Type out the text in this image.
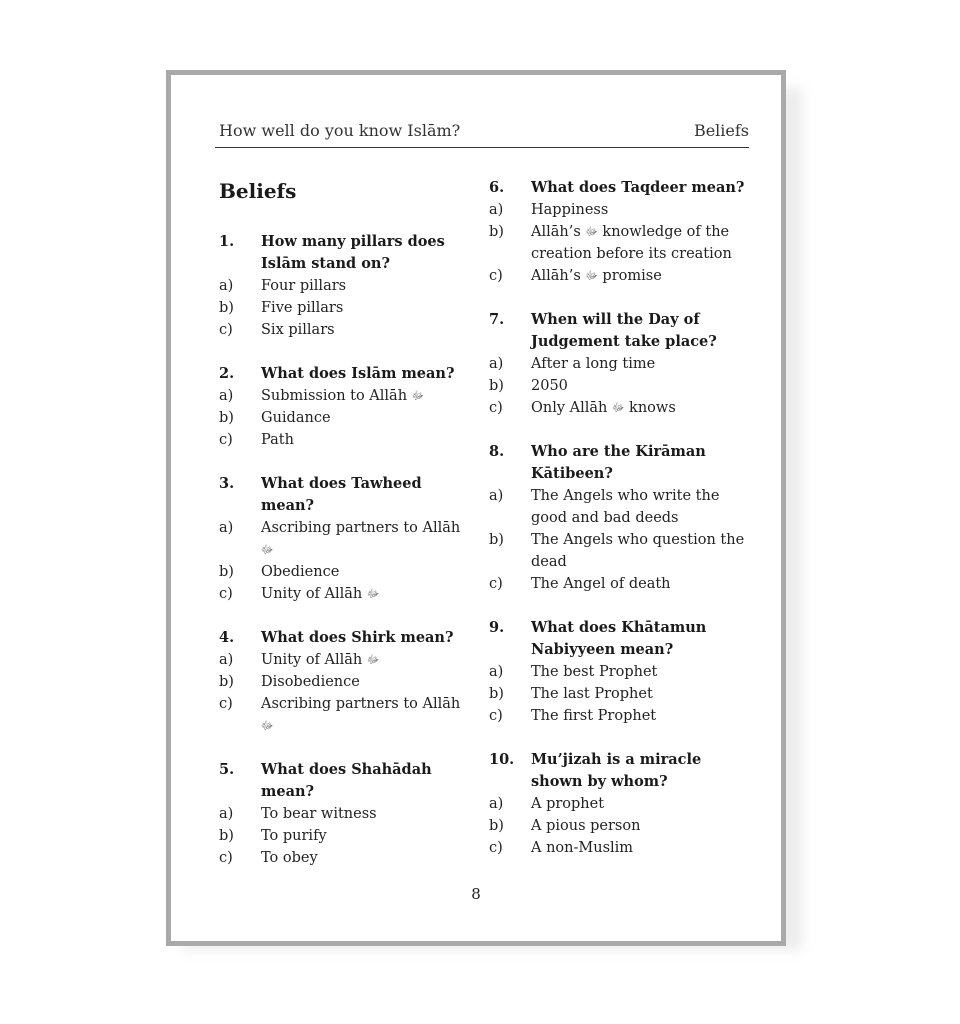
How well do you know Islām?	Beliefs
Beliefs
1.	How many pillars does Islām stand on?
a)	Four pillars
b)	Five pillars
c)	Six pillars
2.	What does Islām mean?
a)	Submission to Allāh ﷻ
b)	Guidance
c)	Path
3.	What does Tawheed mean?
a)	Ascribing partners to Allāh ﷻ
b)	Obedience
c)	Unity of Allāh ﷻ
4.	What does Shirk mean?
a)	Unity of Allāh ﷻ
b)	Disobedience
c)	Ascribing partners to Allāh ﷻ
5.	What does Shahādah mean?
a)	To bear witness
b)	To purify
c)	To obey
6.	What does Taqdeer mean?
a)	Happiness
b)	Allāh’s ﷻ knowledge of the creation before its creation
c)	Allāh’s ﷻ promise
7.	When will the Day of Judgement take place?
a)	After a long time
b)	2050
c)	Only Allāh ﷻ knows
8.	Who are the Kirāman Kātibeen?
a)	The Angels who write the good and bad deeds
b)	The Angels who question the dead
c)	The Angel of death
9.	What does Khātamun Nabiyyeen mean?
a)	The best Prophet
b)	The last Prophet
c)	The first Prophet
10.	Mu’jizah is a miracle shown by whom?
a)	A prophet
b)	A pious person
c)	A non-Muslim
8
